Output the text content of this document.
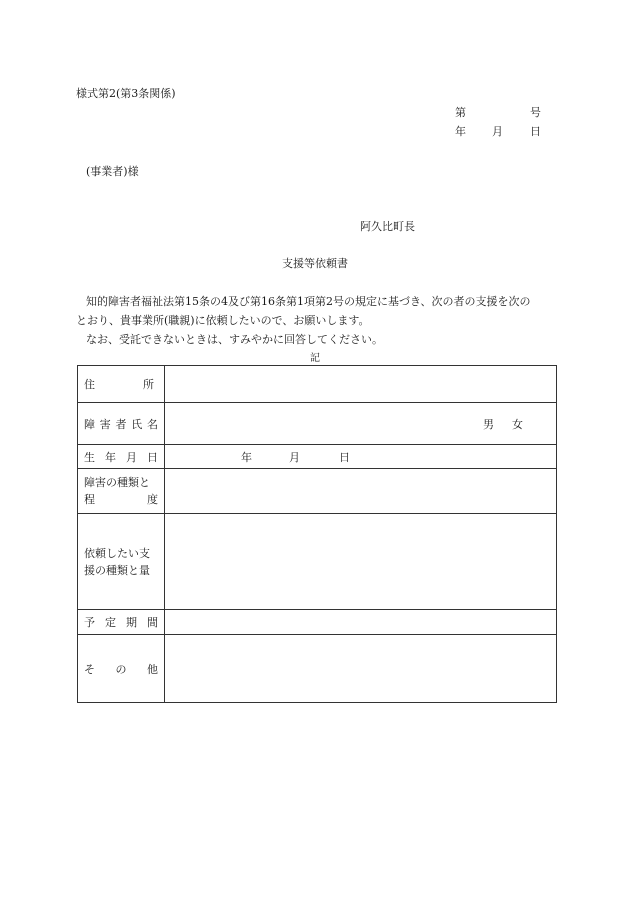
様式第2(第3条関係)
第	号
年 月 日
(事業者)様
阿久比町長
支援等依頼書

知的障害者福祉法第15条の4及び第16条第1項第2号の規定に基づき、次の者の支援を次の

とおり、貴事業所(職親)に依頼したいので、お願いします。

なお、受託できないときは、すみやかに回答してください。

記
住 所	

障 害 者 氏 名	男 女

生 年 月 日	年 月 日

障害の種類と
程 度	

依頼したい支
援の種類と量	

予 定 期 間	

そ の 他	
